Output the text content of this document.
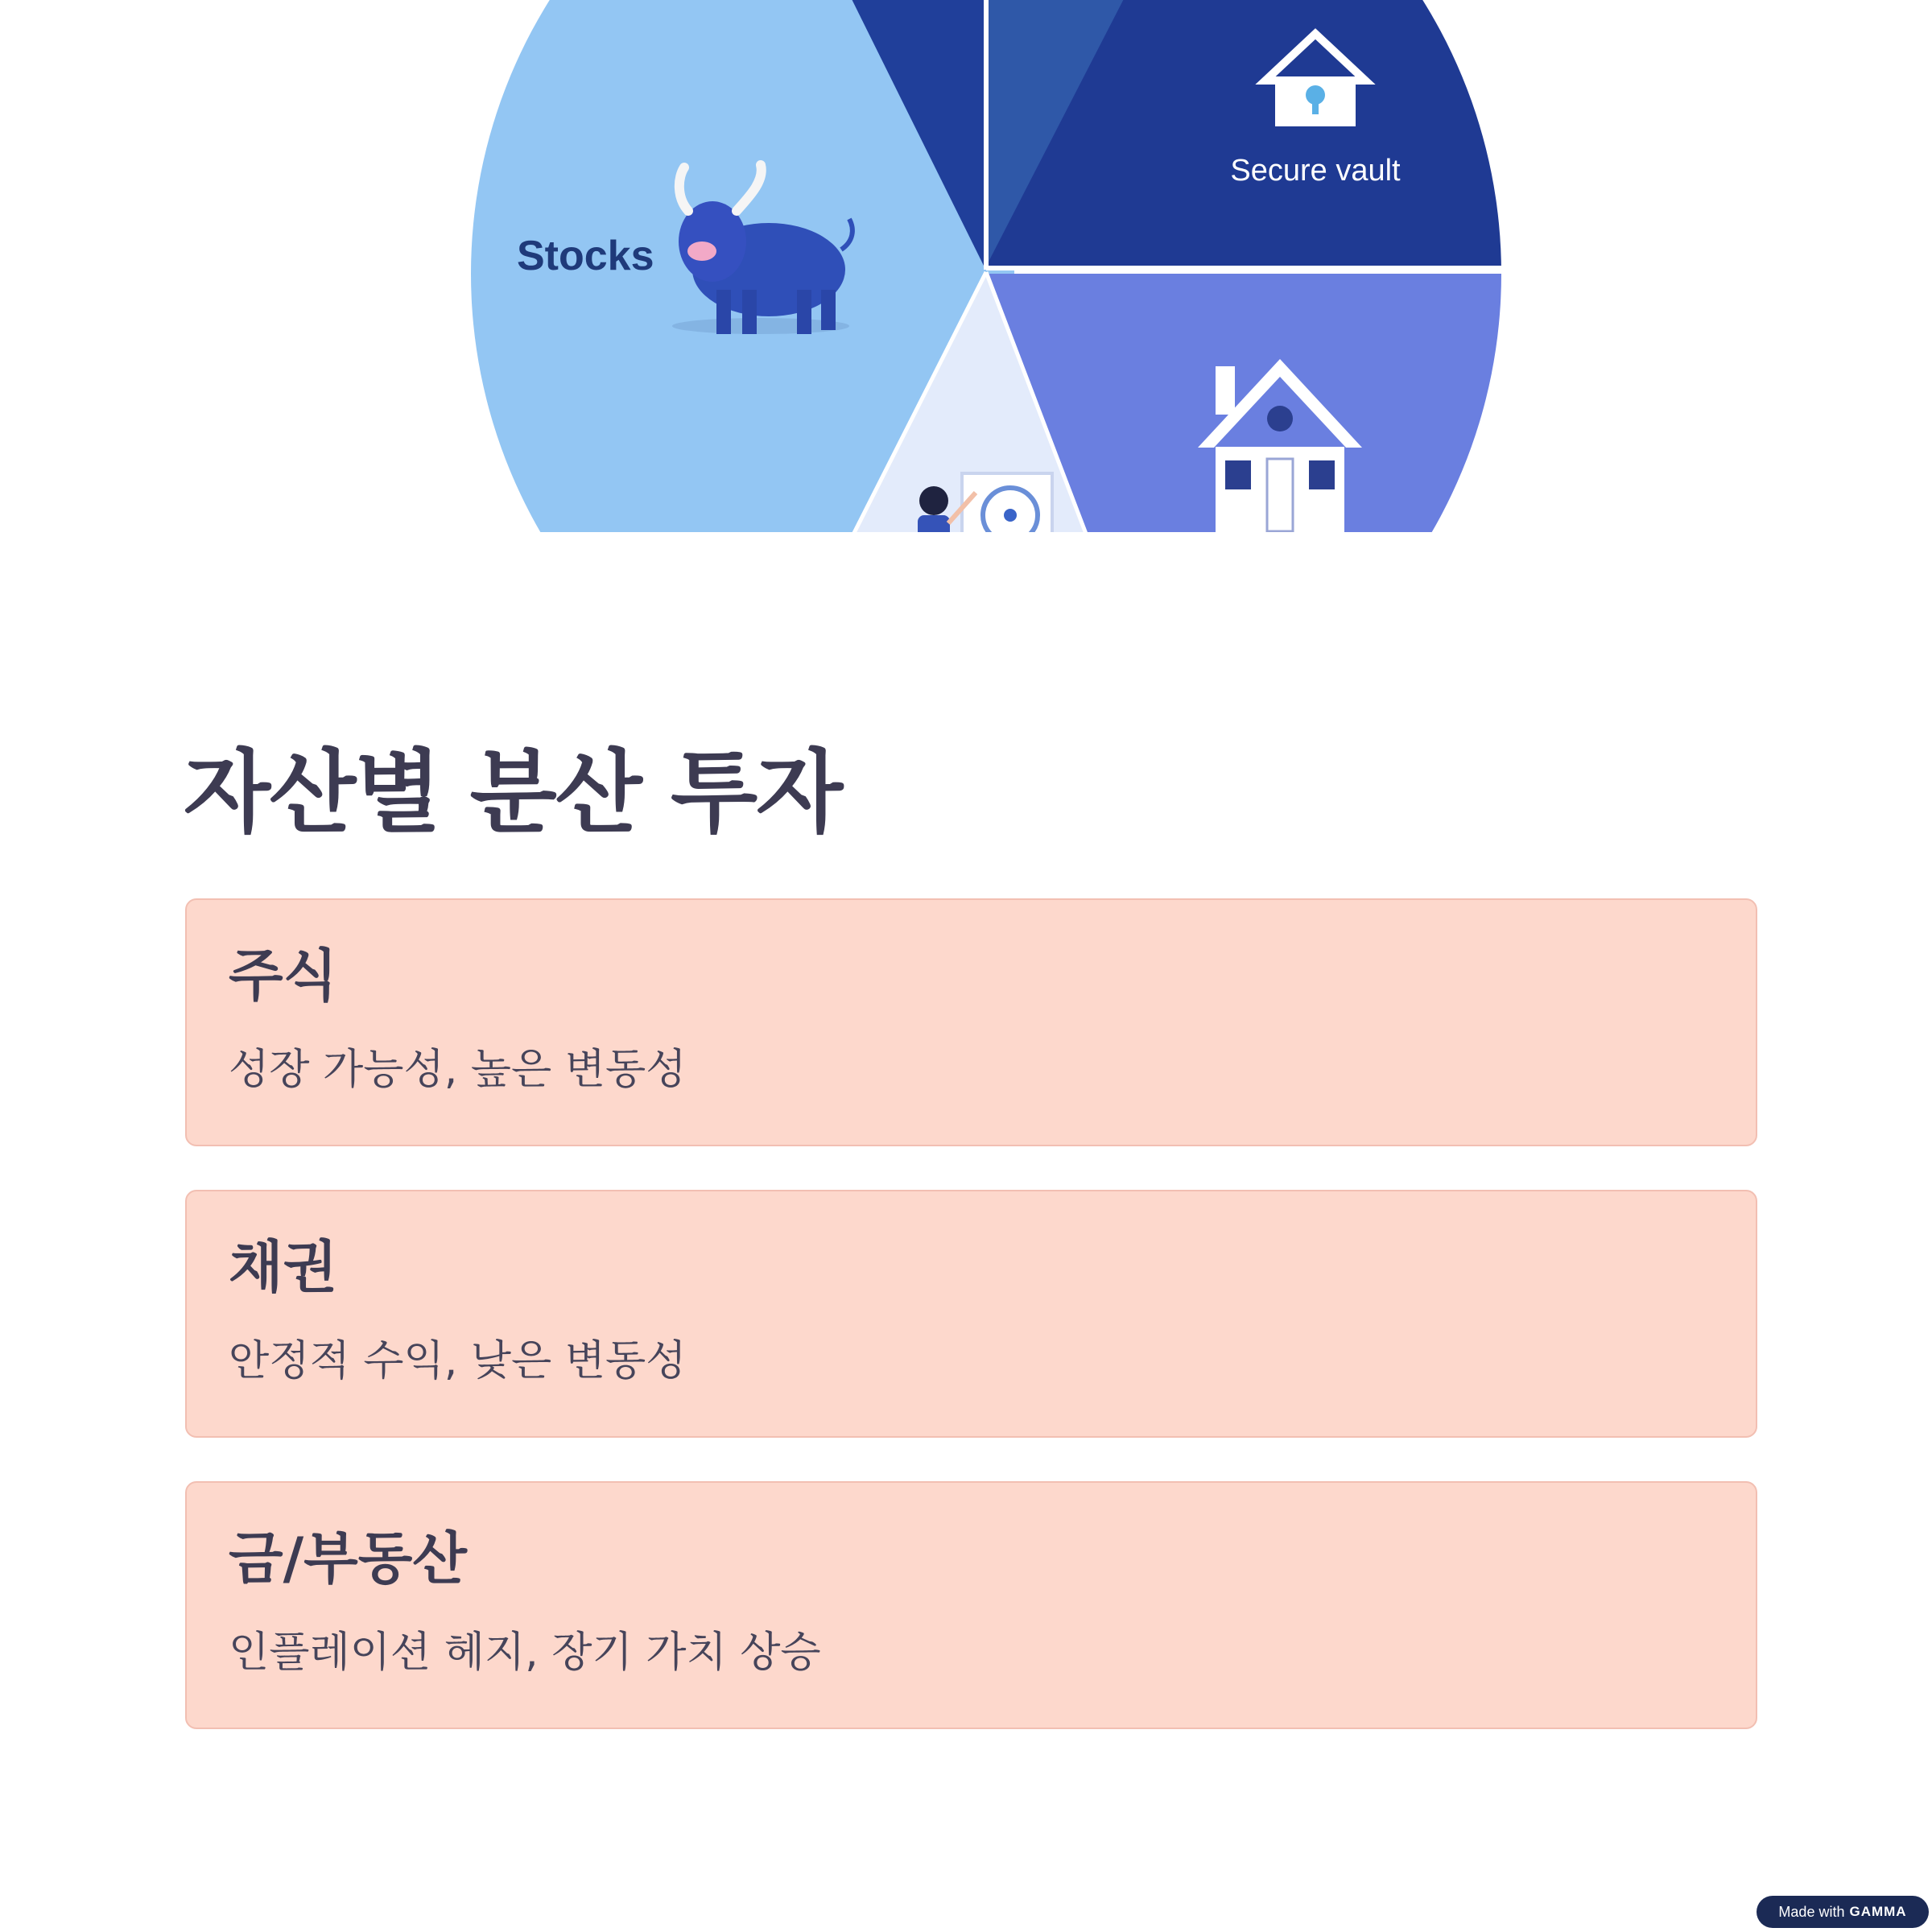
Stocks
Secure vault
자산별 분산 투자
주식
성장 가능성, 높은 변동성
채권
안정적 수익, 낮은 변동성
금/부동산
인플레이션 헤지, 장기 가치 상승
Made with GAMMA
